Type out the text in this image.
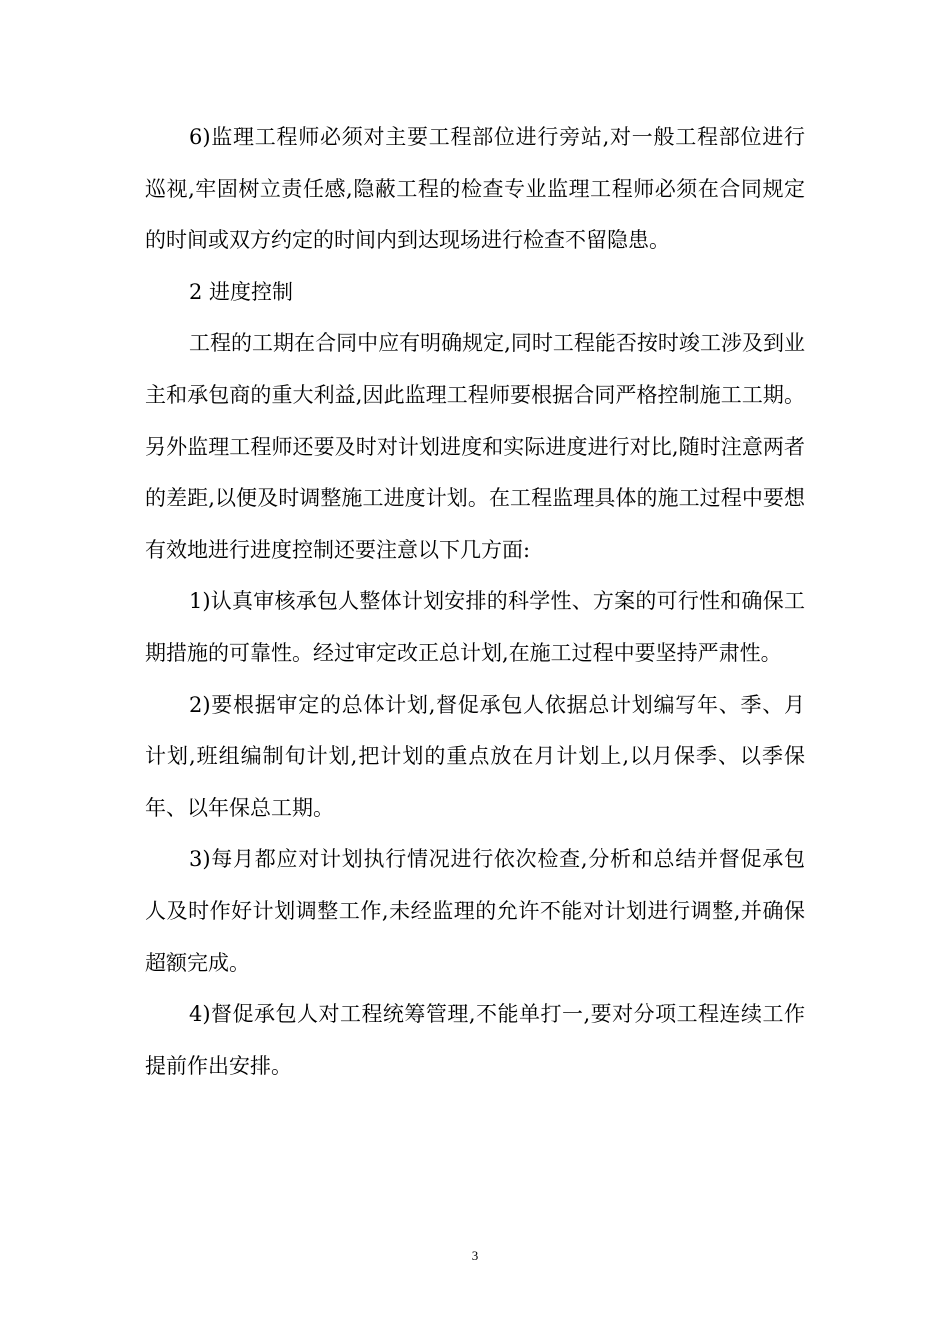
6)监理工程师必须对主要工程部位进行旁站,对一般工程部位进行巡视,牢固树立责任感,隐蔽工程的检查专业监理工程师必须在合同规定的时间或双方约定的时间内到达现场进行检查不留隐患。

2 进度控制

工程的工期在合同中应有明确规定,同时工程能否按时竣工涉及到业主和承包商的重大利益,因此监理工程师要根据合同严格控制施工工期。另外监理工程师还要及时对计划进度和实际进度进行对比,随时注意两者的差距,以便及时调整施工进度计划。在工程监理具体的施工过程中要想有效地进行进度控制还要注意以下几方面:

1)认真审核承包人整体计划安排的科学性、方案的可行性和确保工期措施的可靠性。经过审定改正总计划,在施工过程中要坚持严肃性。

2)要根据审定的总体计划,督促承包人依据总计划编写年、季、月计划,班组编制旬计划,把计划的重点放在月计划上,以月保季、以季保年、以年保总工期。

3)每月都应对计划执行情况进行依次检查,分析和总结并督促承包人及时作好计划调整工作,未经监理的允许不能对计划进行调整,并确保超额完成。

4)督促承包人对工程统筹管理,不能单打一,要对分项工程连续工作提前作出安排。

3
